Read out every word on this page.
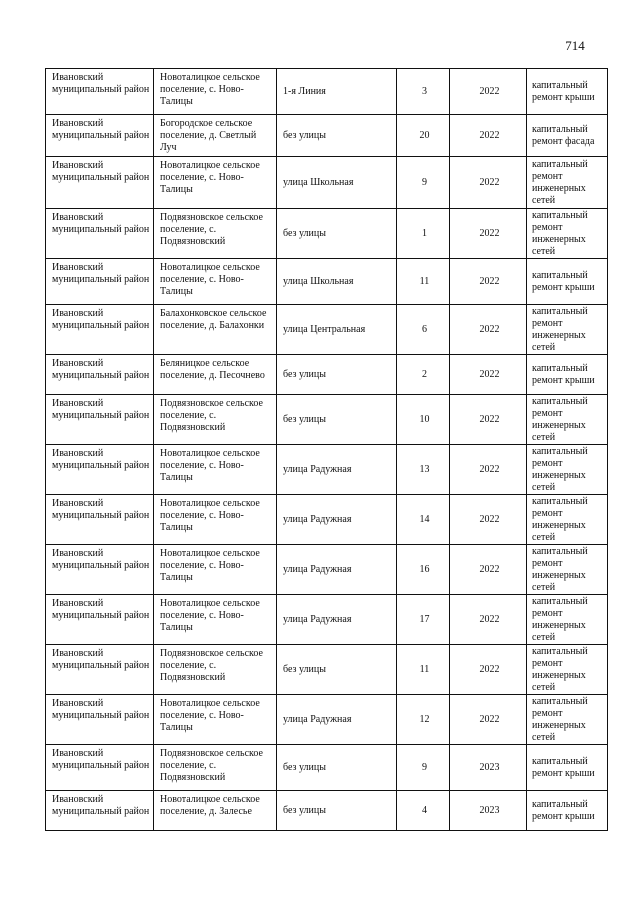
714
Ивановский муниципальный район	Новоталицкое сельское поселение, с. Ново-Талицы	1-я Линия	3	2022	капитальный ремонт крыши
Ивановский муниципальный район	Богородское сельское поселение, д. Светлый Луч	без улицы	20	2022	капитальный ремонт фасада
Ивановский муниципальный район	Новоталицкое сельское поселение, с. Ново-Талицы	улица Школьная	9	2022	капитальный ремонт инженерных сетей
Ивановский муниципальный район	Подвязновское сельское поселение, с. Подвязновский	без улицы	1	2022	капитальный ремонт инженерных сетей
Ивановский муниципальный район	Новоталицкое сельское поселение, с. Ново-Талицы	улица Школьная	11	2022	капитальный ремонт крыши
Ивановский муниципальный район	Балахонковское сельское поселение, д. Балахонки	улица Центральная	6	2022	капитальный ремонт инженерных сетей
Ивановский муниципальный район	Беляницкое сельское поселение, д. Песочнево	без улицы	2	2022	капитальный ремонт крыши
Ивановский муниципальный район	Подвязновское сельское поселение, с. Подвязновский	без улицы	10	2022	капитальный ремонт инженерных сетей
Ивановский муниципальный район	Новоталицкое сельское поселение, с. Ново-Талицы	улица Радужная	13	2022	капитальный ремонт инженерных сетей
Ивановский муниципальный район	Новоталицкое сельское поселение, с. Ново-Талицы	улица Радужная	14	2022	капитальный ремонт инженерных сетей
Ивановский муниципальный район	Новоталицкое сельское поселение, с. Ново-Талицы	улица Радужная	16	2022	капитальный ремонт инженерных сетей
Ивановский муниципальный район	Новоталицкое сельское поселение, с. Ново-Талицы	улица Радужная	17	2022	капитальный ремонт инженерных сетей
Ивановский муниципальный район	Подвязновское сельское поселение, с. Подвязновский	без улицы	11	2022	капитальный ремонт инженерных сетей
Ивановский муниципальный район	Новоталицкое сельское поселение, с. Ново-Талицы	улица Радужная	12	2022	капитальный ремонт инженерных сетей
Ивановский муниципальный район	Подвязновское сельское поселение, с. Подвязновский	без улицы	9	2023	капитальный ремонт крыши
Ивановский муниципальный район	Новоталицкое сельское поселение, д. Залесье	без улицы	4	2023	капитальный ремонт крыши
